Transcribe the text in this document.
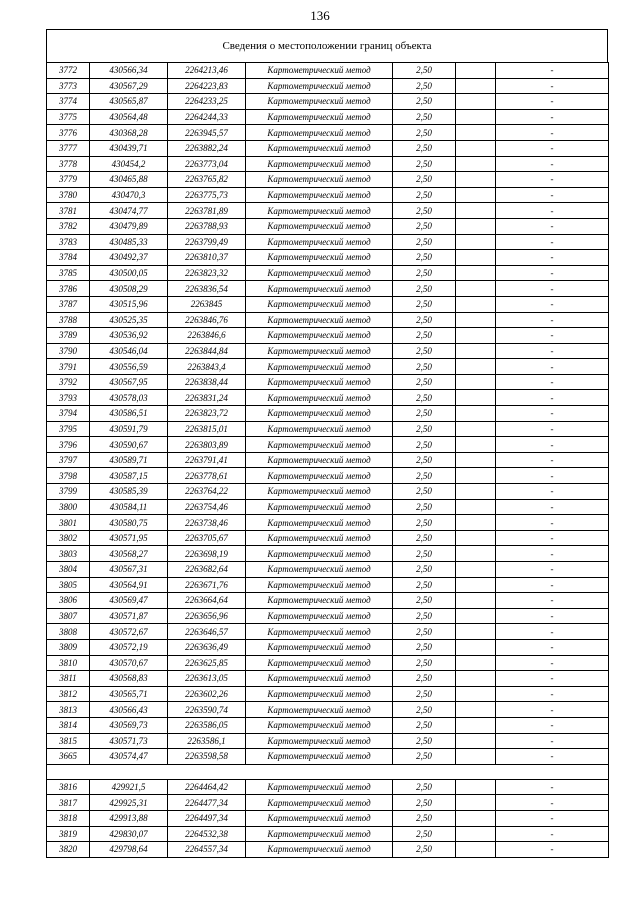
136
Сведения о местоположении границ объекта
3772	430566,34	2264213,46	Картометрический метод	2,50		-
3773	430567,29	2264223,83	Картометрический метод	2,50		-
3774	430565,87	2264233,25	Картометрический метод	2,50		-
3775	430564,48	2264244,33	Картометрический метод	2,50		-
3776	430368,28	2263945,57	Картометрический метод	2,50		-
3777	430439,71	2263882,24	Картометрический метод	2,50		-
3778	430454,2	2263773,04	Картометрический метод	2,50		-
3779	430465,88	2263765,82	Картометрический метод	2,50		-
3780	430470,3	2263775,73	Картометрический метод	2,50		-
3781	430474,77	2263781,89	Картометрический метод	2,50		-
3782	430479,89	2263788,93	Картометрический метод	2,50		-
3783	430485,33	2263799,49	Картометрический метод	2,50		-
3784	430492,37	2263810,37	Картометрический метод	2,50		-
3785	430500,05	2263823,32	Картометрический метод	2,50		-
3786	430508,29	2263836,54	Картометрический метод	2,50		-
3787	430515,96	2263845	Картометрический метод	2,50		-
3788	430525,35	2263846,76	Картометрический метод	2,50		-
3789	430536,92	2263846,6	Картометрический метод	2,50		-
3790	430546,04	2263844,84	Картометрический метод	2,50		-
3791	430556,59	2263843,4	Картометрический метод	2,50		-
3792	430567,95	2263838,44	Картометрический метод	2,50		-
3793	430578,03	2263831,24	Картометрический метод	2,50		-
3794	430586,51	2263823,72	Картометрический метод	2,50		-
3795	430591,79	2263815,01	Картометрический метод	2,50		-
3796	430590,67	2263803,89	Картометрический метод	2,50		-
3797	430589,71	2263791,41	Картометрический метод	2,50		-
3798	430587,15	2263778,61	Картометрический метод	2,50		-
3799	430585,39	2263764,22	Картометрический метод	2,50		-
3800	430584,11	2263754,46	Картометрический метод	2,50		-
3801	430580,75	2263738,46	Картометрический метод	2,50		-
3802	430571,95	2263705,67	Картометрический метод	2,50		-
3803	430568,27	2263698,19	Картометрический метод	2,50		-
3804	430567,31	2263682,64	Картометрический метод	2,50		-
3805	430564,91	2263671,76	Картометрический метод	2,50		-
3806	430569,47	2263664,64	Картометрический метод	2,50		-
3807	430571,87	2263656,96	Картометрический метод	2,50		-
3808	430572,67	2263646,57	Картометрический метод	2,50		-
3809	430572,19	2263636,49	Картометрический метод	2,50		-
3810	430570,67	2263625,85	Картометрический метод	2,50		-
3811	430568,83	2263613,05	Картометрический метод	2,50		-
3812	430565,71	2263602,26	Картометрический метод	2,50		-
3813	430566,43	2263590,74	Картометрический метод	2,50		-
3814	430569,73	2263586,05	Картометрический метод	2,50		-
3815	430571,73	2263586,1	Картометрический метод	2,50		-
3665	430574,47	2263598,58	Картометрический метод	2,50		-

3816	429921,5	2264464,42	Картометрический метод	2,50		-
3817	429925,31	2264477,34	Картометрический метод	2,50		-
3818	429913,88	2264497,34	Картометрический метод	2,50		-
3819	429830,07	2264532,38	Картометрический метод	2,50		-
3820	429798,64	2264557,34	Картометрический метод	2,50		-
